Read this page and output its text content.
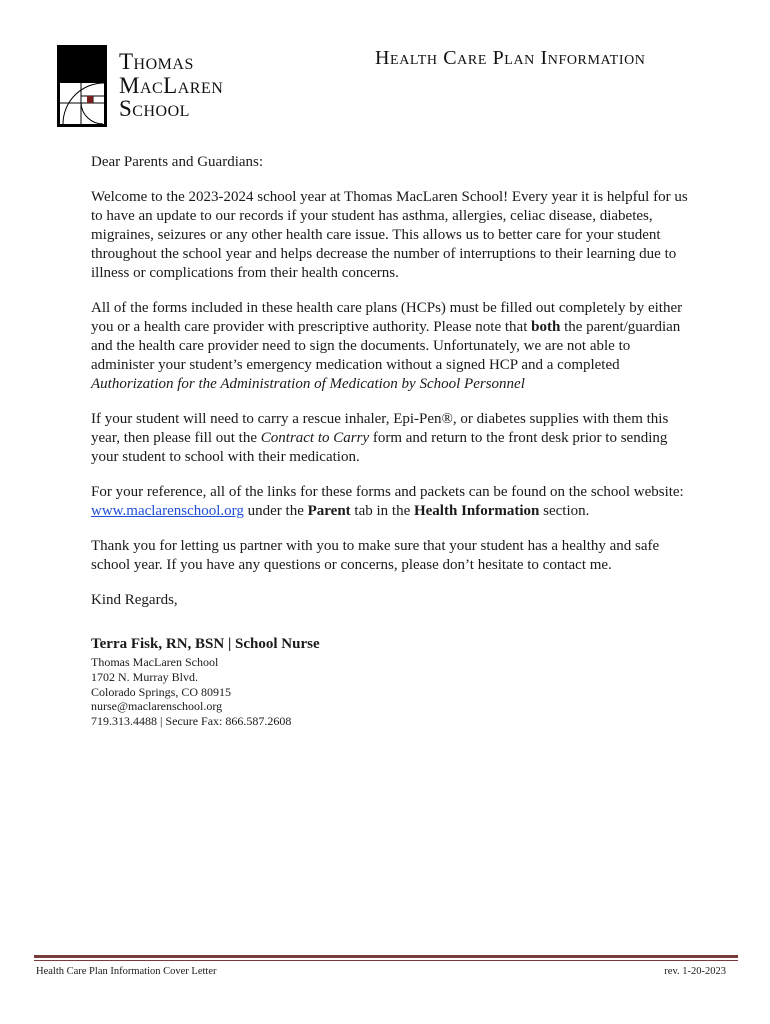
Thomas
MacLaren
School
Health Care Plan Information

Dear Parents and Guardians:

Welcome to the 2023-2024 school year at Thomas MacLaren School! Every year it is helpful for us to have an update to our records if your student has asthma, allergies, celiac disease, diabetes, migraines, seizures or any other health care issue. This allows us to better care for your student throughout the school year and helps decrease the number of interruptions to their learning due to illness or complications from their health concerns.

All of the forms included in these health care plans (HCPs) must be filled out completely by either you or a health care provider with prescriptive authority. Please note that both the parent/guardian and the health care provider need to sign the documents. Unfortunately, we are not able to administer your student’s emergency medication without a signed HCP and a completed Authorization for the Administration of Medication by School Personnel

If your student will need to carry a rescue inhaler, Epi-Pen®, or diabetes supplies with them this year, then please fill out the Contract to Carry form and return to the front desk prior to sending your student to school with their medication.

For your reference, all of the links for these forms and packets can be found on the school website: www.maclarenschool.org under the Parent tab in the Health Information section.

Thank you for letting us partner with you to make sure that your student has a healthy and safe school year. If you have any questions or concerns, please don’t hesitate to contact me.

Kind Regards,

Terra Fisk, RN, BSN | School Nurse
Thomas MacLaren School
1702 N. Murray Blvd.
Colorado Springs, CO 80915
nurse@maclarenschool.org
719.313.4488 | Secure Fax: 866.587.2608
Health Care Plan Information Cover Letter	rev. 1-20-2023
